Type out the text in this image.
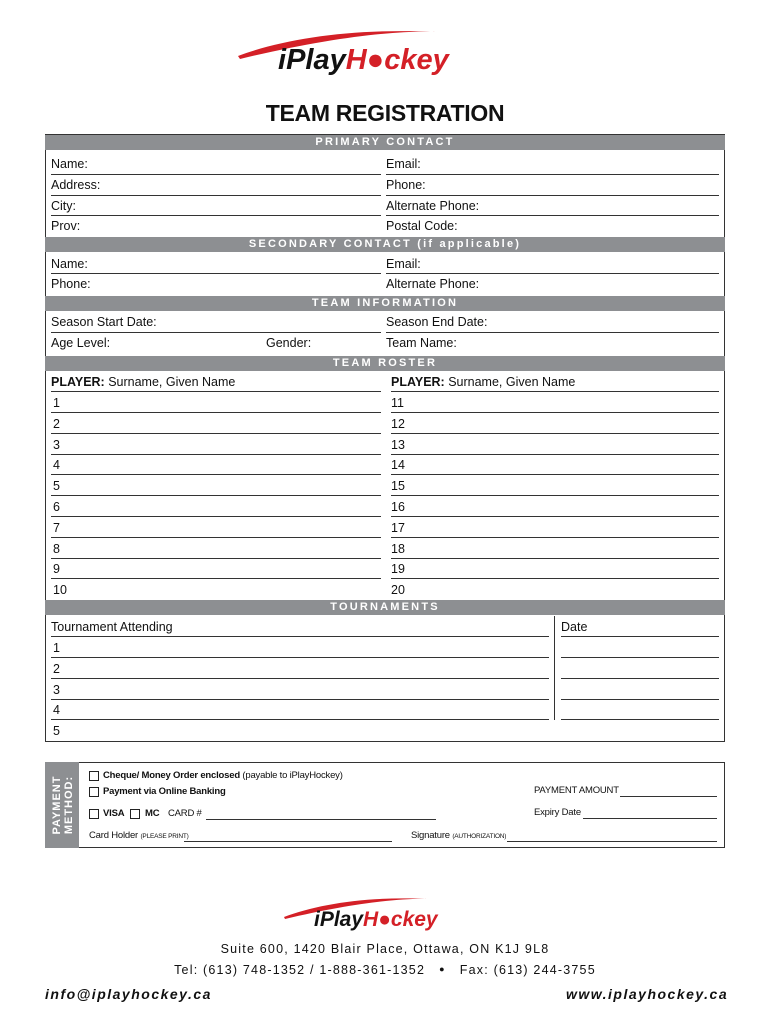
iPlayH●ckey
TEAM REGISTRATION
PRIMARY CONTACT
Name:	Email:
Address:	Phone:
City:	Alternate Phone:
Prov:	Postal Code:
SECONDARY CONTACT (if applicable)
Name:	Email:
Phone:	Alternate Phone:
TEAM INFORMATION
Season Start Date:	Season End Date:
Age Level:	Gender:	Team Name:
TEAM ROSTER
PLAYER: Surname, Given Name	PLAYER: Surname, Given Name
1	11
2	12
3	13
4	14
5	15
6	16
7	17
8	18
9	19
10	20
TOURNAMENTS
Tournament Attending	Date
1
2
3
4
5
PAYMENT METHOD:
Cheque/ Money Order enclosed (payable to iPlayHockey)
Payment via Online Banking
VISA MC CARD #
PAYMENT AMOUNT
Expiry Date
Card Holder (PLEASE PRINT)	Signature (AUTHORIZATION)
iPlayH●ckey
Suite 600, 1420 Blair Place, Ottawa, ON K1J 9L8
Tel: (613) 748-1352 / 1-888-361-1352 ● Fax: (613) 244-3755
info@iplayhockey.ca	www.iplayhockey.ca
